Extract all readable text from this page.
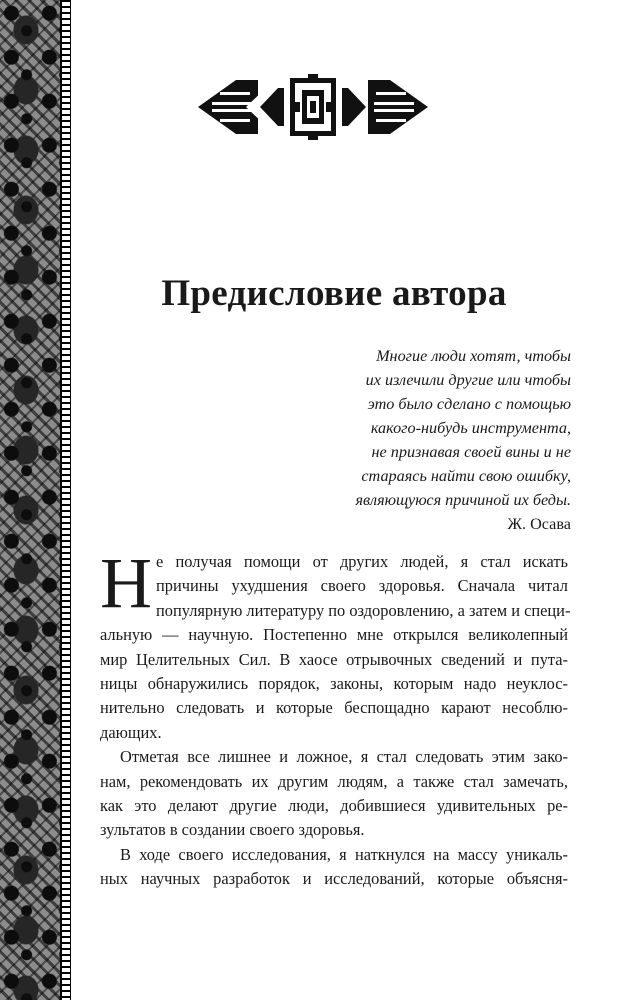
Предисловие автора
Многие люди хотят, чтобы
их излечили другие или чтобы
это было сделано с помощью
какого-нибудь инструмента,
не признавая своей вины и не
стараясь найти свою ошибку,
являющуюся причиной их беды.
Ж. Осава

Н е получая помощи от других людей, я стал искать
причины ухудшения своего здоровья. Сначала читал
популярную литературу по оздоровлению, а затем и специ-
альную — научную. Постепенно мне открылся великолепный
мир Целительных Сил. В хаосе отрывочных сведений и пута-
ницы обнаружились порядок, законы, которым надо неуклос-
нительно следовать и которые беспощадно карают несоблю-
дающих.

Отметая все лишнее и ложное, я стал следовать этим зако-
нам, рекомендовать их другим людям, а также стал замечать,
как это делают другие люди, добившиеся удивительных ре-
зультатов в создании своего здоровья.

В ходе своего исследования, я наткнулся на массу уникаль-
ных научных разработок и исследований, которые объясня-
